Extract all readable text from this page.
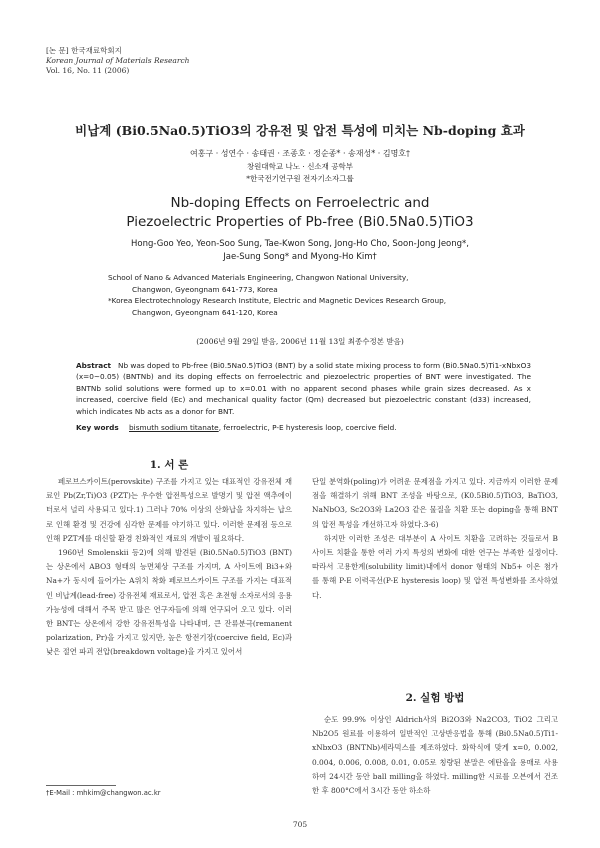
[논 문] 한국재료학회지
Korean Journal of Materials Research
Vol. 16, No. 11 (2006)
비납계 (Bi0.5Na0.5)TiO3의 강유전 및 압전 특성에 미치는 Nb-doping 효과
여홍구 · 성연수 · 송태권 · 조종호 · 정순종* · 송재성* · 김명호†
창원대학교 나노 · 신소재 공학부
*한국전기연구원 전자기소자그룹
Nb-doping Effects on Ferroelectric and
Piezoelectric Properties of Pb-free (Bi0.5Na0.5)TiO3
Hong-Goo Yeo, Yeon-Soo Sung, Tae-Kwon Song, Jong-Ho Cho, Soon-Jong Jeong*,
Jae-Sung Song* and Myong-Ho Kim†
School of Nano & Advanced Materials Engineering, Changwon National University,
Changwon, Gyeongnam 641-773, Korea
*Korea Electrotechnology Research Institute, Electric and Magnetic Devices Research Group,
Changwon, Gyeongnam 641-120, Korea
(2006년 9월 29일 받음, 2006년 11월 13일 최종수정본 받음)
Abstract Nb was doped to Pb-free (Bi0.5Na0.5)TiO3 (BNT) by a solid state mixing process to form (Bi0.5Na0.5)Ti1-xNbxO3 (x=0~0.05) (BNTNb) and its doping effects on ferroelectric and piezoelectric properties of BNT were investigated. The BNTNb solid solutions were formed up to x=0.01 with no apparent second phases while grain sizes decreased. As x increased, coercive field (Ec) and mechanical quality factor (Qm) decreased but piezoelectric constant (d33) increased, which indicates Nb acts as a donor for BNT.
Key words bismuth sodium titanate, ferroelectric, P-E hysteresis loop, coercive field.
1. 서 론

페로브스카이트(perovskite) 구조를 가지고 있는 대표적인 강유전체 재료인 Pb(Zr,Ti)O3 (PZT)는 우수한 압전특성으로 발명기 및 압전 액추에이터로서 널리 사용되고 있다.1) 그러나 70% 이상의 산화납을 차지하는 납으로 인해 환경 및 건강에 심각한 문제를 야기하고 있다. 이러한 문제점 등으로 인해 PZT계를 대신할 환경 친화적인 재료의 개발이 필요하다.

1960년 Smolenskii 등2)에 의해 발견된 (Bi0.5Na0.5)TiO3 (BNT)는 상온에서 ABO3 형태의 능면체상 구조를 가지며, A 사이트에 Bi3+와 Na+가 동시에 들어가는 A위치 착화 페로브스카이트 구조를 가지는 대표적인 비납계(lead-free) 강유전체 재료로서, 압전 혹은 초전형 소자로서의 응용 가능성에 대해서 주목 받고 많은 연구자들에 의해 연구되어 오고 있다. 이러한 BNT는 상온에서 강한 강유전특성을 나타내며, 큰 잔류분극(remanent polarization, Pr)을 가지고 있지만, 높은 항전기장(coercive field, Ec)과 낮은 절연 파괴 전압(breakdown voltage)을 가지고 있어서

단일 분역화(poling)가 어려운 문제점을 가지고 있다. 지금까지 이러한 문제점을 해결하기 위해 BNT 조성을 바탕으로, (K0.5Bi0.5)TiO3, BaTiO3, NaNbO3, Sc2O3와 La2O3 같은 물질을 치환 또는 doping을 통해 BNT의 압전 특성을 개선하고자 하였다.3-6)

하지만 이러한 조성은 대부분이 A 사이트 치환을 고려하는 것들로서 B 사이트 치환을 통한 여러 가지 특성의 변화에 대한 연구는 부족한 실정이다. 따라서 고용한계(solubility limit)내에서 donor 형태의 Nb5+ 이온 첨가를 통해 P-E 이력곡선(P-E hysteresis loop) 및 압전 특성변화를 조사하였다.

2. 실험 방법

순도 99.9% 이상인 Aldrich사의 Bi2O3와 Na2CO3, TiO2 그리고 Nb2O5 원료를 이용하여 일반적인 고상반응법을 통해 (Bi0.5Na0.5)Ti1-xNbxO3 (BNTNb)세라믹스를 제조하였다. 화학식에 맞게 x=0, 0.002, 0.004, 0.006, 0.008, 0.01, 0.05로 칭량된 분말은 에탄올을 용매로 사용하여 24시간 동안 ball milling을 하였다. milling한 시료를 오븐에서 건조한 후 800°C에서 3시간 동안 하소하

†E-Mail : mhkim@changwon.ac.kr
705
